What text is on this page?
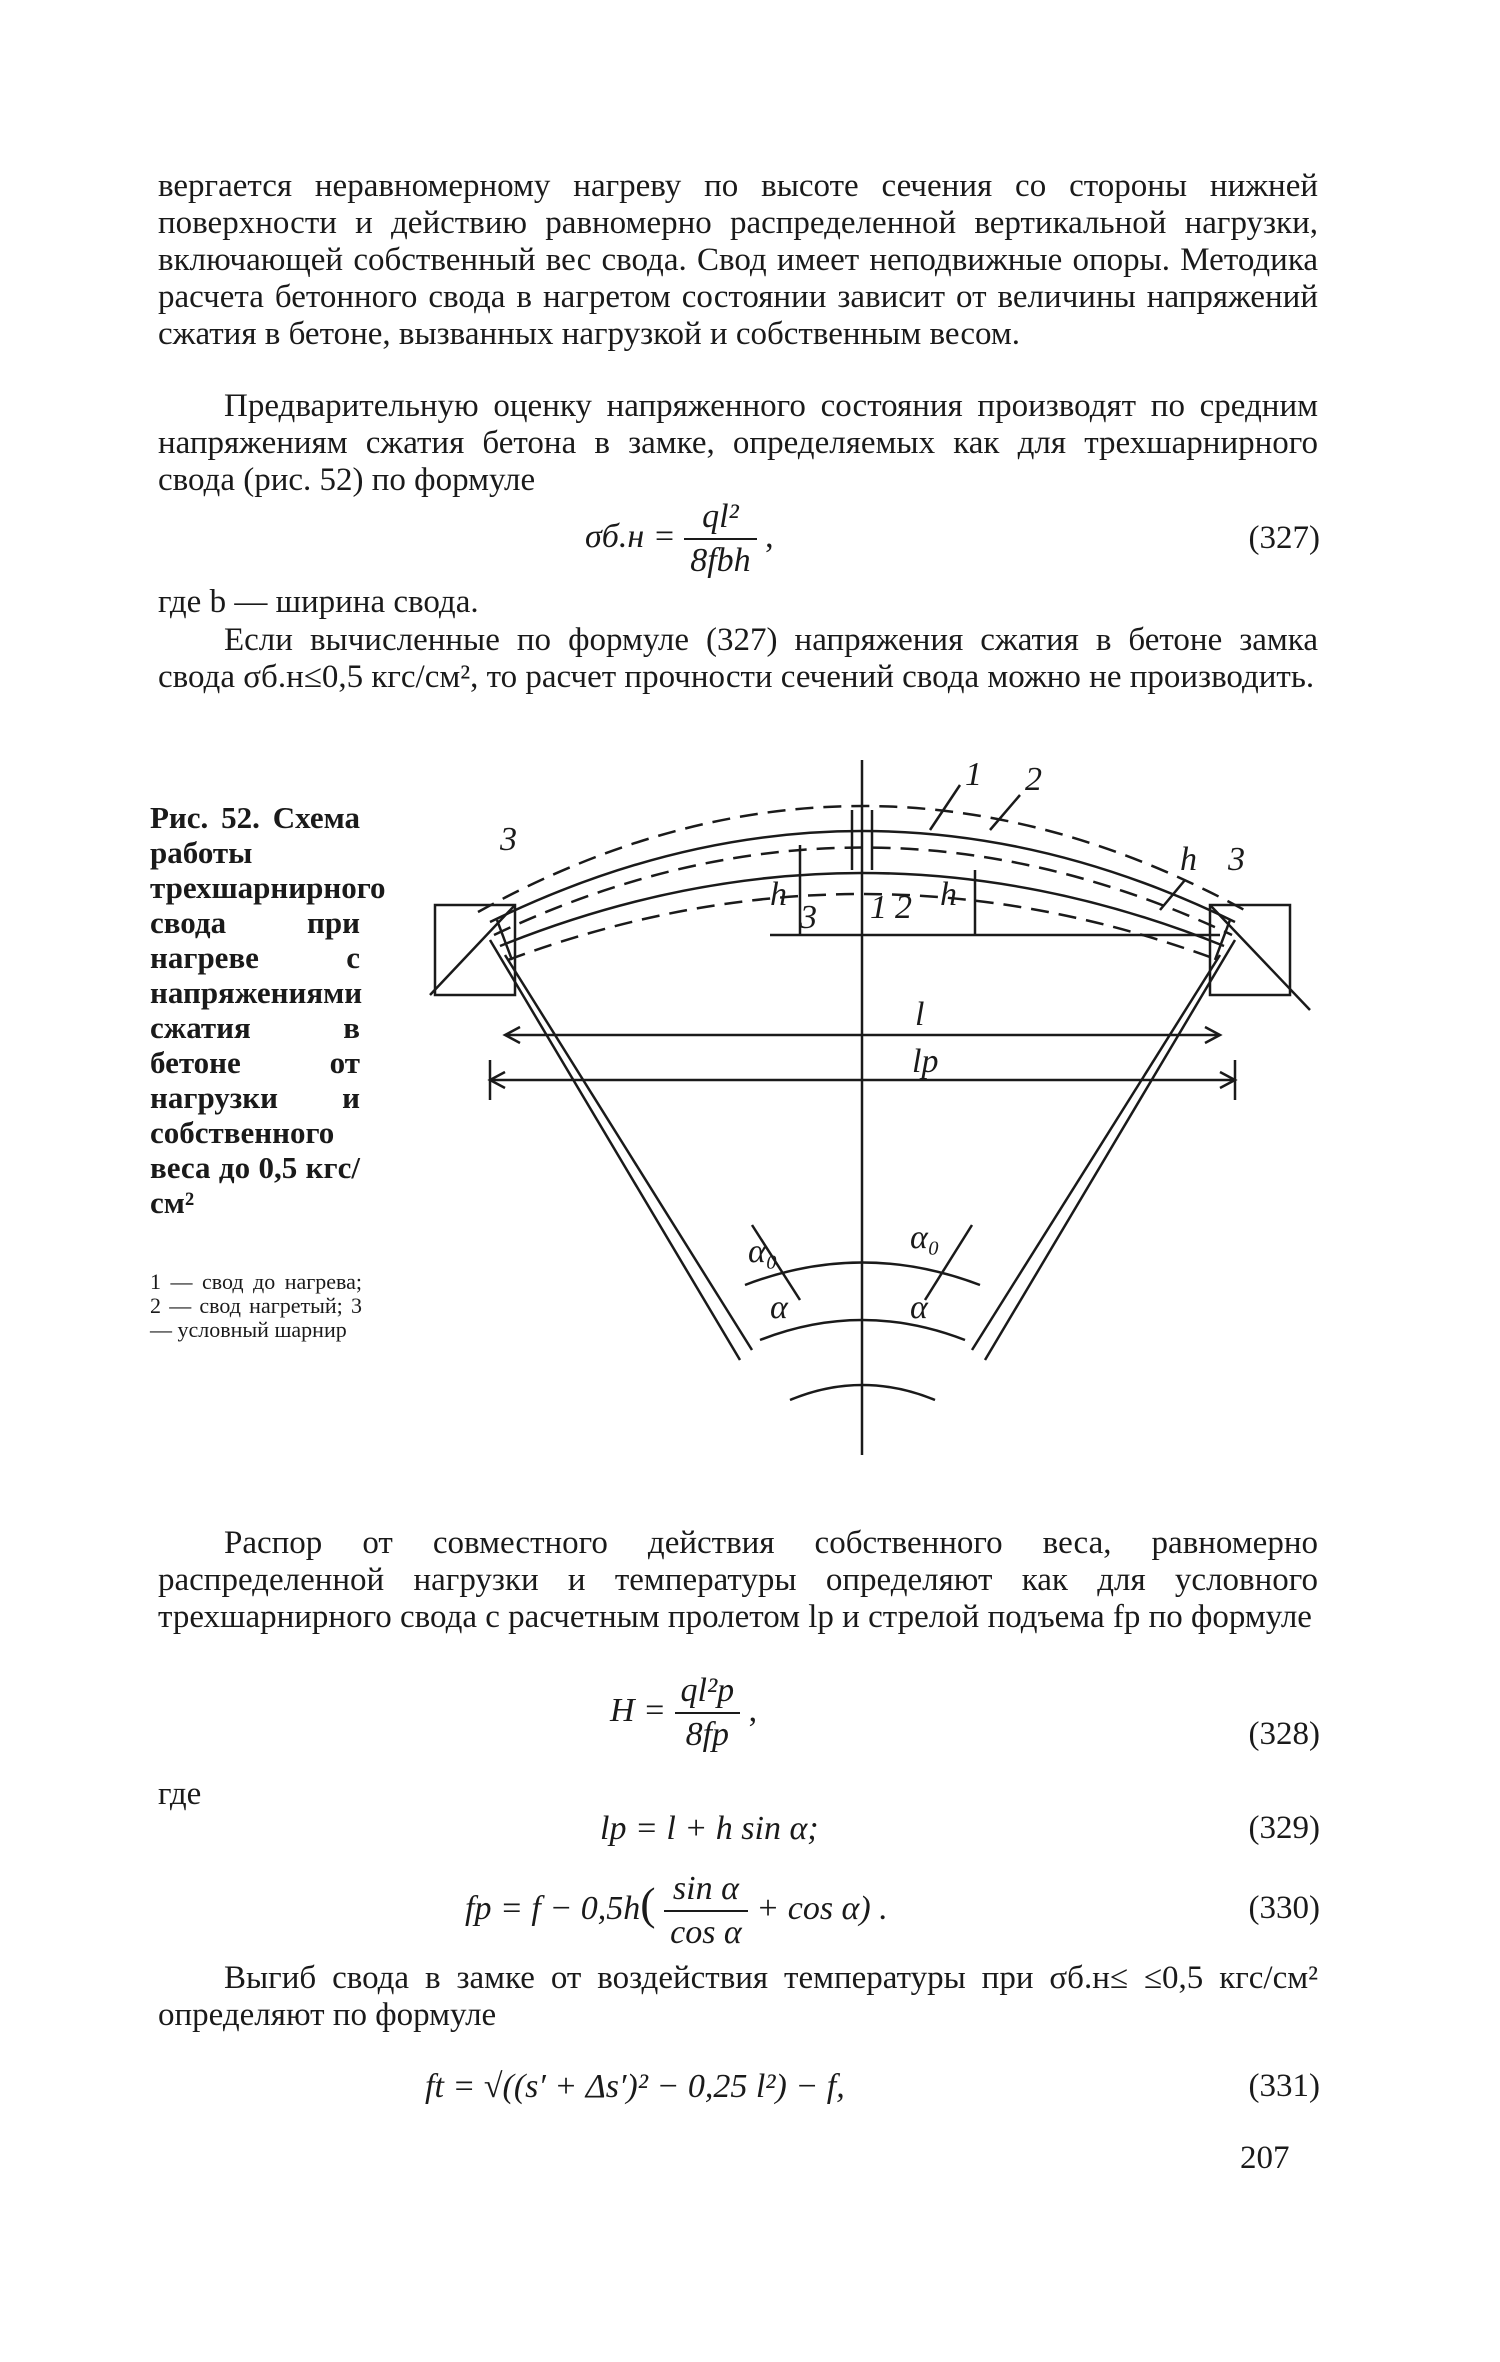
вергается неравномерному нагреву по высоте сечения со стороны нижней поверхности и действию равномерно распределенной вертикальной нагрузки, включающей собственный вес свода. Свод имеет неподвижные опоры. Методика расчета бетонного свода в нагретом состоянии зависит от величины напряжений сжатия в бетоне, вызванных нагрузкой и собственным весом.

Предварительную оценку напряженного состояния производят по средним напряжениям сжатия бетона в замке, определяемых как для трехшарнирного свода (рис. 52) по формуле

$\sigma б.н = \frac{\text{ql²}}{\text{8fbh}}$ ,	(327)

где b — ширина свода.

Если вычисленные по формуле (327) напряжения сжатия в бетоне замка свода σб.н≤0,5 кгс/см², то расчет прочности сечений свода можно не производить.

Рис. 52. Схема работы трехшарнирного свода при нагреве с напряжениями сжатия в бетоне от нагрузки и собственного веса до 0,5 кгс/см²

1 — свод до нагрева; 2 — свод нагретый; 3 — условный шарнир

1 2
3
3
3 1 2
h	h
h
l
lр
α₀	α₀
α	α

Распор от совместного действия собственного веса, равномерно распределенной нагрузки и температуры определяют как для условного трехшарнирного свода с расчетным пролетом lр и стрелой подъема fр по формуле

$H = \frac{\text{ql²р}}{8fр}$ ,
(328)

где

lр = l + h sin α;	(329)
fр = $f - 0,5h( \frac{\text{sin α}}{\text{cos α}} + \cos \alpha)$ .	(330)

Выгиб свода в замке от воздействия температуры при σб.н≤ ≤0,5 кгс/см² определяют по формуле

ft = √((s′ + Δs′)² − 0,25 l²) − f,	(331)
207
